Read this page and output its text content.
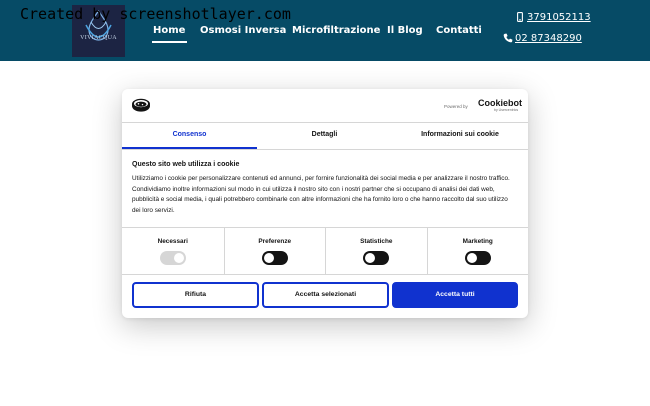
VIVIACQUA
Home Osmosi Inversa Microfiltrazione Il Blog Contatti
3791052113
02 87348290
Created by screenshotlayer.com
Powered by Cookiebot
by Usercentrics
Consenso	Dettagli	Informazioni sui cookie
Questo sito web utilizza i cookie
Utilizziamo i cookie per personalizzare contenuti ed annunci, per fornire funzionalità dei social media e per analizzare il nostro traffico. Condividiamo inoltre informazioni sul modo in cui utilizza il nostro sito con i nostri partner che si occupano di analisi dei dati web, pubblicità e social media, i quali potrebbero combinarle con altre informazioni che ha fornito loro o che hanno raccolto dal suo utilizzo dei loro servizi.
Necessari	Preferenze	Statistiche	Marketing
Rifiuta	Accetta selezionati	Accetta tutti
